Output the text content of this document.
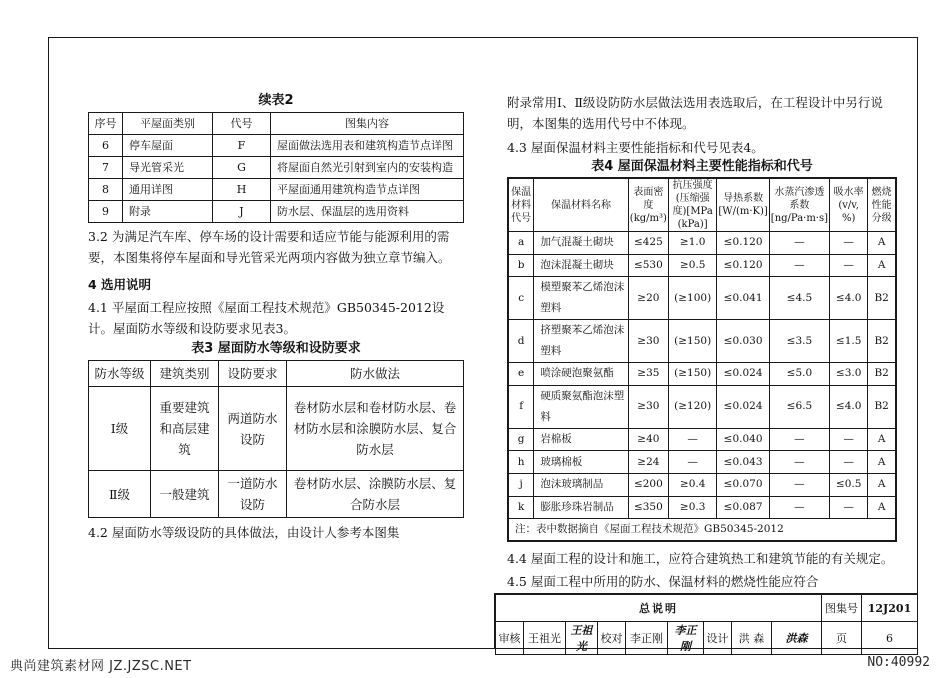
续表2
序号	平屋面类别	代号	图集内容
6	停车屋面	F	屋面做法选用表和建筑构造节点详图
7	导光管采光	G	将屋面自然光引射到室内的安装构造
8	通用详图	H	平屋面通用建筑构造节点详图
9	附录	J	防水层、保温层的选用资料

3.2 为满足汽车库、停车场的设计需要和适应节能与能源利用的需要，本图集将停车屋面和导光管采光两项内容做为独立章节编入。

4 选用说明

4.1 平屋面工程应按照《屋面工程技术规范》GB50345-2012设计。屋面防水等级和设防要求见表3。

表3 屋面防水等级和设防要求
防水等级	建筑类别	设防要求	防水做法
Ⅰ级	重要建筑和高层建筑	两道防水设防	卷材防水层和卷材防水层、卷材防水层和涂膜防水层、复合防水层
Ⅱ级	一般建筑	一道防水设防	卷材防水层、涂膜防水层、复合防水层

4.2 屋面防水等级设防的具体做法，由设计人参考本图集

附录常用Ⅰ、Ⅱ级设防防水层做法选用表选取后，在工程设计中另行说明，本图集的选用代号中不体现。

4.3 屋面保温材料主要性能指标和代号见表4。

表4 屋面保温材料主要性能指标和代号
保温材料代号	保温材料名称	表面密度(kg/m³)	抗压强度(压缩强度)[MPa (kPa)]	导热系数[W/(m·K)]	水蒸汽渗透系数[ng/Pa·m·s]	吸水率(v/v, %)	燃烧性能分级
a	加气混凝土砌块	≤425	≥1.0	≤0.120	—	—	A
b	泡沫混凝土砌块	≤530	≥0.5	≤0.120	—	—	A
c	模塑聚苯乙烯泡沫塑料	≥20	(≥100)	≤0.041	≤4.5	≤4.0	B2
d	挤塑聚苯乙烯泡沫塑料	≥30	(≥150)	≤0.030	≤3.5	≤1.5	B2
e	喷涂硬泡聚氨酯	≥35	(≥150)	≤0.024	≤5.0	≤3.0	B2
f	硬质聚氨酯泡沫塑料	≥30	(≥120)	≤0.024	≤6.5	≤4.0	B2
g	岩棉板	≥40	—	≤0.040	—	—	A
h	玻璃棉板	≥24	—	≤0.043	—	—	A
j	泡沫玻璃制品	≤200	≥0.4	≤0.070	—	≤0.5	A
k	膨胀珍珠岩制品	≤350	≥0.3	≤0.087	—	—	A
注：表中数据摘自《屋面工程技术规范》GB50345-2012							

4.4 屋面工程的设计和施工，应符合建筑热工和建筑节能的有关规定。

4.5 屋面工程中所用的防水、保温材料的燃烧性能应符合

总说明									图集号	12J201
审核	王祖光	王祖光	校对	李正刚	李正刚	设计	洪 森	洪森	页	6
典尚建筑素材网 JZ.JZSC.NET	NO:40992
